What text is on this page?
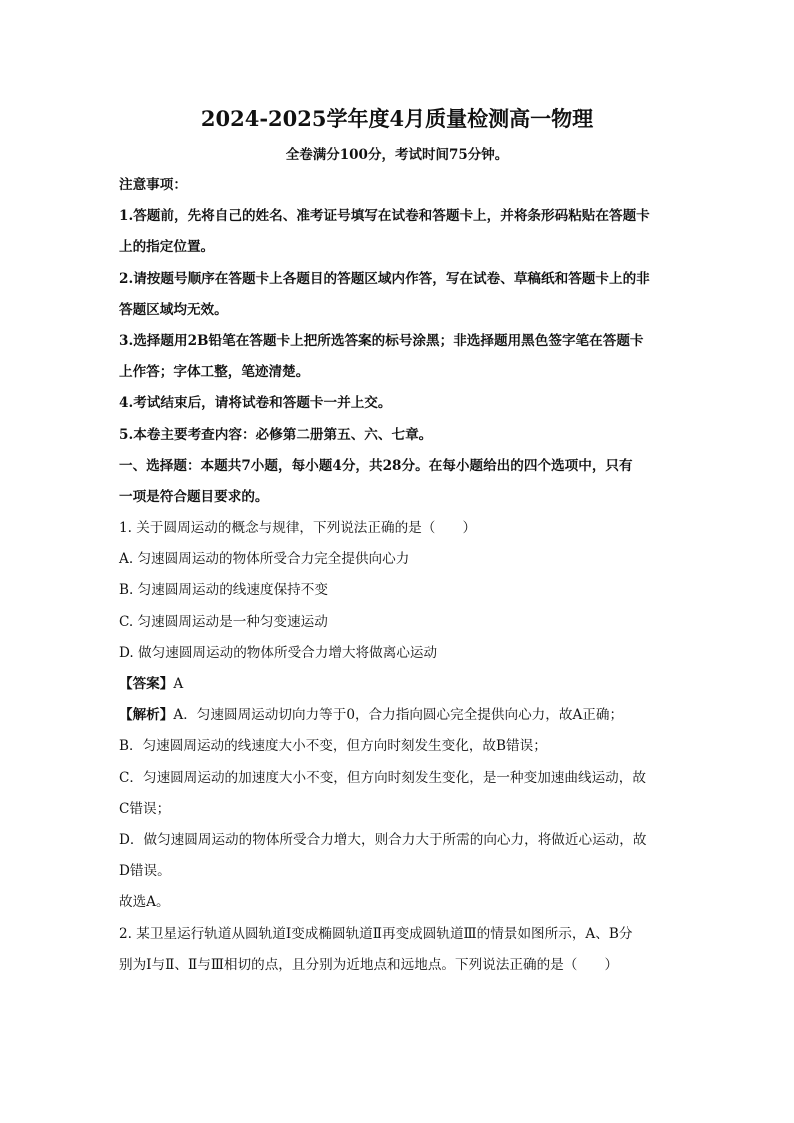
2024-2025学年度4月质量检测高一物理
全卷满分100分，考试时间75分钟。
注意事项：
1.答题前，先将自己的姓名、准考证号填写在试卷和答题卡上，并将条形码粘贴在答题卡
上的指定位置。
2.请按题号顺序在答题卡上各题目的答题区域内作答，写在试卷、草稿纸和答题卡上的非
答题区域均无效。
3.选择题用2B铅笔在答题卡上把所选答案的标号涂黑；非选择题用黑色签字笔在答题卡
上作答；字体工整，笔迹清楚。
4.考试结束后，请将试卷和答题卡一并上交。
5.本卷主要考查内容：必修第二册第五、六、七章。
一、选择题：本题共7小题，每小题4分，共28分。在每小题给出的四个选项中，只有
一项是符合题目要求的。
1. 关于圆周运动的概念与规律，下列说法正确的是（　　）
A. 匀速圆周运动的物体所受合力完全提供向心力
B. 匀速圆周运动的线速度保持不变
C. 匀速圆周运动是一种匀变速运动
D. 做匀速圆周运动的物体所受合力增大将做离心运动
【答案】A
【解析】A．匀速圆周运动切向力等于0，合力指向圆心完全提供向心力，故A正确；
B．匀速圆周运动的线速度大小不变，但方向时刻发生变化，故B错误；
C．匀速圆周运动的加速度大小不变，但方向时刻发生变化，是一种变加速曲线运动，故
C错误；
D．做匀速圆周运动的物体所受合力增大，则合力大于所需的向心力，将做近心运动，故
D错误。
故选A。
2. 某卫星运行轨道从圆轨道Ⅰ变成椭圆轨道Ⅱ再变成圆轨道Ⅲ的情景如图所示，A、B分
别为Ⅰ与Ⅱ、Ⅱ与Ⅲ相切的点，且分别为近地点和远地点。下列说法正确的是（　　）
